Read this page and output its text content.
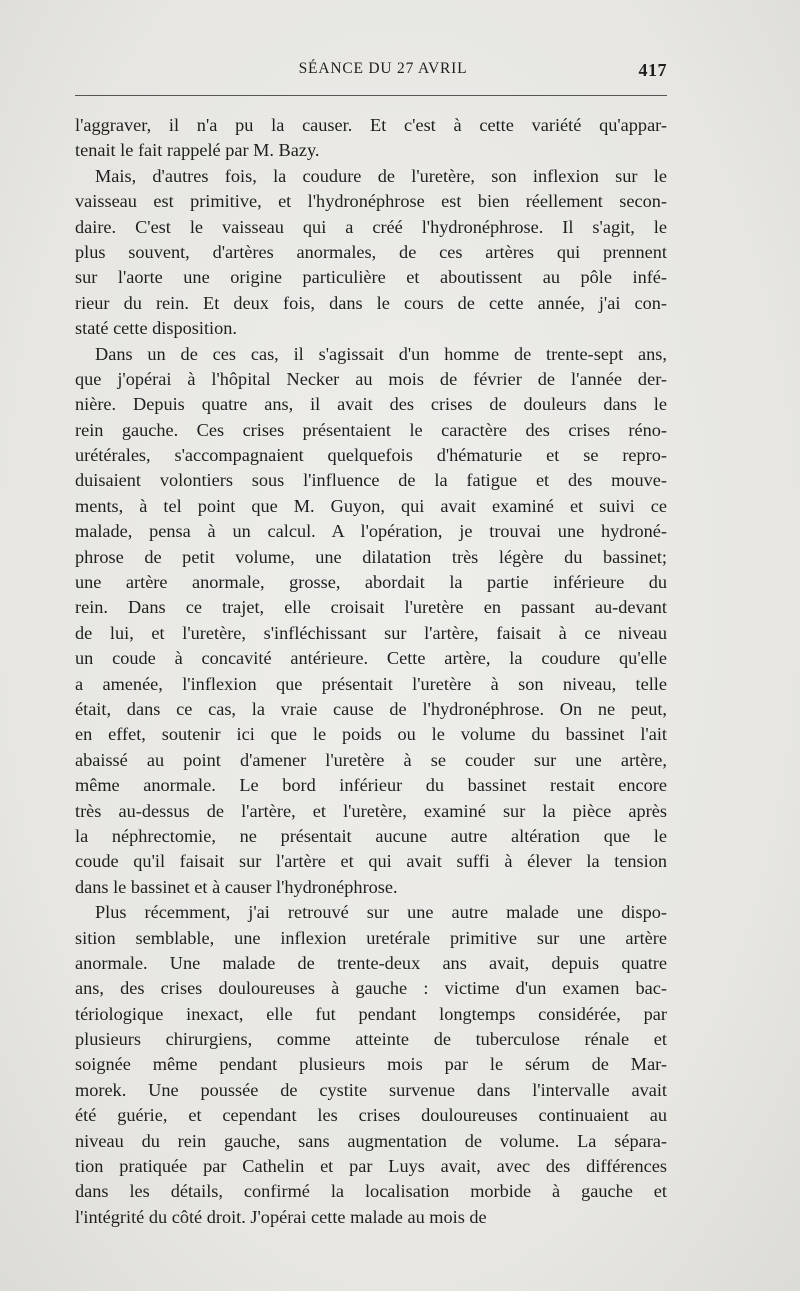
SÉANCE DU 27 AVRIL	417
l'aggraver, il n'a pu la causer. Et c'est à cette variété qu'appar-
tenait le fait rappelé par M. Bazy.
Mais, d'autres fois, la coudure de l'uretère, son inflexion sur le
vaisseau est primitive, et l'hydronéphrose est bien réellement secon-
daire. C'est le vaisseau qui a créé l'hydronéphrose. Il s'agit, le
plus souvent, d'artères anormales, de ces artères qui prennent
sur l'aorte une origine particulière et aboutissent au pôle infé-
rieur du rein. Et deux fois, dans le cours de cette année, j'ai con-
staté cette disposition.
Dans un de ces cas, il s'agissait d'un homme de trente-sept ans,
que j'opérai à l'hôpital Necker au mois de février de l'année der-
nière. Depuis quatre ans, il avait des crises de douleurs dans le
rein gauche. Ces crises présentaient le caractère des crises réno-
urétérales, s'accompagnaient quelquefois d'hématurie et se repro-
duisaient volontiers sous l'influence de la fatigue et des mouve-
ments, à tel point que M. Guyon, qui avait examiné et suivi ce
malade, pensa à un calcul. A l'opération, je trouvai une hydroné-
phrose de petit volume, une dilatation très légère du bassinet;
une artère anormale, grosse, abordait la partie inférieure du
rein. Dans ce trajet, elle croisait l'uretère en passant au-devant
de lui, et l'uretère, s'infléchissant sur l'artère, faisait à ce niveau
un coude à concavité antérieure. Cette artère, la coudure qu'elle
a amenée, l'inflexion que présentait l'uretère à son niveau, telle
était, dans ce cas, la vraie cause de l'hydronéphrose. On ne peut,
en effet, soutenir ici que le poids ou le volume du bassinet l'ait
abaissé au point d'amener l'uretère à se couder sur une artère,
même anormale. Le bord inférieur du bassinet restait encore
très au-dessus de l'artère, et l'uretère, examiné sur la pièce après
la néphrectomie, ne présentait aucune autre altération que le
coude qu'il faisait sur l'artère et qui avait suffi à élever la tension
dans le bassinet et à causer l'hydronéphrose.
Plus récemment, j'ai retrouvé sur une autre malade une dispo-
sition semblable, une inflexion uretérale primitive sur une artère
anormale. Une malade de trente-deux ans avait, depuis quatre
ans, des crises douloureuses à gauche : victime d'un examen bac-
tériologique inexact, elle fut pendant longtemps considérée, par
plusieurs chirurgiens, comme atteinte de tuberculose rénale et
soignée même pendant plusieurs mois par le sérum de Mar-
morek. Une poussée de cystite survenue dans l'intervalle avait
été guérie, et cependant les crises douloureuses continuaient au
niveau du rein gauche, sans augmentation de volume. La sépara-
tion pratiquée par Cathelin et par Luys avait, avec des différences
dans les détails, confirmé la localisation morbide à gauche et
l'intégrité du côté droit. J'opérai cette malade au mois de
